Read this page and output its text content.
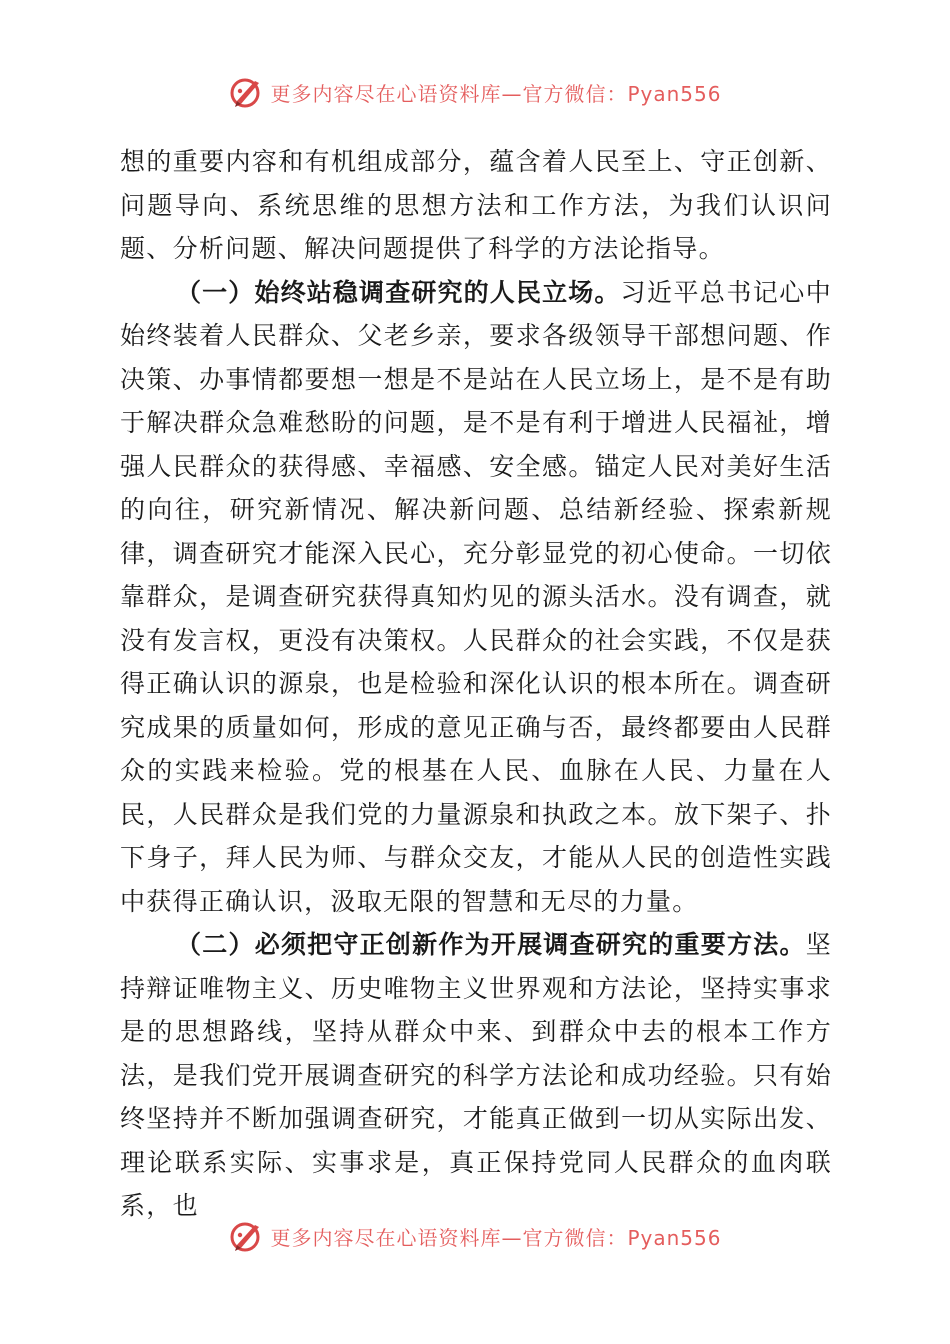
更多内容尽在心语资料库—官方微信：Pyan556

想的重要内容和有机组成部分，蕴含着人民至上、守正创新、问题导向、系统思维的思想方法和工作方法，为我们认识问题、分析问题、解决问题提供了科学的方法论指导。

（一）始终站稳调查研究的人民立场。习近平总书记心中始终装着人民群众、父老乡亲，要求各级领导干部想问题、作决策、办事情都要想一想是不是站在人民立场上，是不是有助于解决群众急难愁盼的问题，是不是有利于增进人民福祉，增强人民群众的获得感、幸福感、安全感。锚定人民对美好生活的向往，研究新情况、解决新问题、总结新经验、探索新规律，调查研究才能深入民心，充分彰显党的初心使命。一切依靠群众，是调查研究获得真知灼见的源头活水。没有调查，就没有发言权，更没有决策权。人民群众的社会实践，不仅是获得正确认识的源泉，也是检验和深化认识的根本所在。调查研究成果的质量如何，形成的意见正确与否，最终都要由人民群众的实践来检验。党的根基在人民、血脉在人民、力量在人民，人民群众是我们党的力量源泉和执政之本。放下架子、扑下身子，拜人民为师、与群众交友，才能从人民的创造性实践中获得正确认识，汲取无限的智慧和无尽的力量。

（二）必须把守正创新作为开展调查研究的重要方法。坚持辩证唯物主义、历史唯物主义世界观和方法论，坚持实事求是的思想路线，坚持从群众中来、到群众中去的根本工作方法，是我们党开展调查研究的科学方法论和成功经验。只有始终坚持并不断加强调查研究，才能真正做到一切从实际出发、理论联系实际、实事求是，真正保持党同人民群众的血肉联系，也

更多内容尽在心语资料库—官方微信：Pyan556
